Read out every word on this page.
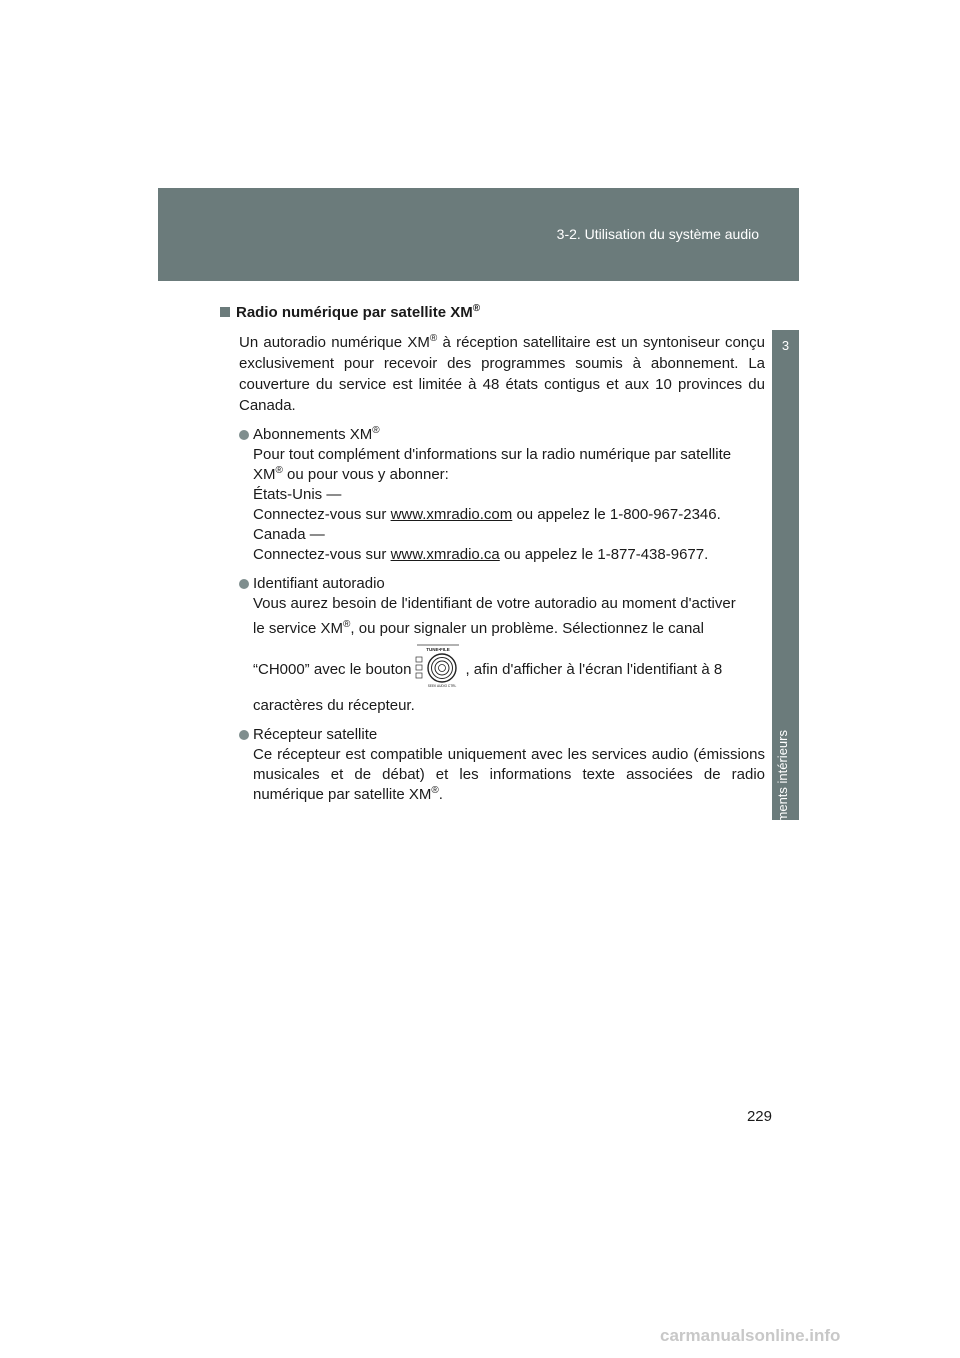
3-2. Utilisation du système audio
3
Équipements intérieurs
Radio numérique par satellite XM®

Un autoradio numérique XM® à réception satellitaire est un syntoniseur conçu exclusivement pour recevoir des programmes soumis à abonnement. La couverture du service est limitée à 48 états contigus et aux 10 provinces du Canada.

Abonnements XM®
Pour tout complément d'informations sur la radio numérique par satellite
XM® ou pour vous y abonner:
États-Unis —
Connectez-vous sur www.xmradio.com ou appelez le 1-800-967-2346.
Canada —
Connectez-vous sur www.xmradio.ca ou appelez le 1-877-438-9677.
Identifiant autoradio
Vous aurez besoin de l'identifiant de votre autoradio au moment d'activer
le service XM®, ou pour signaler un problème. Sélectionnez le canal
“CH000” avec le bouton
TUNE•FILE
SEEK AUDIO CTRL
, afin d'afficher à l'écran l'identifiant à 8
caractères du récepteur.
Récepteur satellite
Ce récepteur est compatible uniquement avec les services audio (émissions musicales et de débat) et les informations texte associées de radio numérique par satellite XM®.
229
carmanualsonline.info
